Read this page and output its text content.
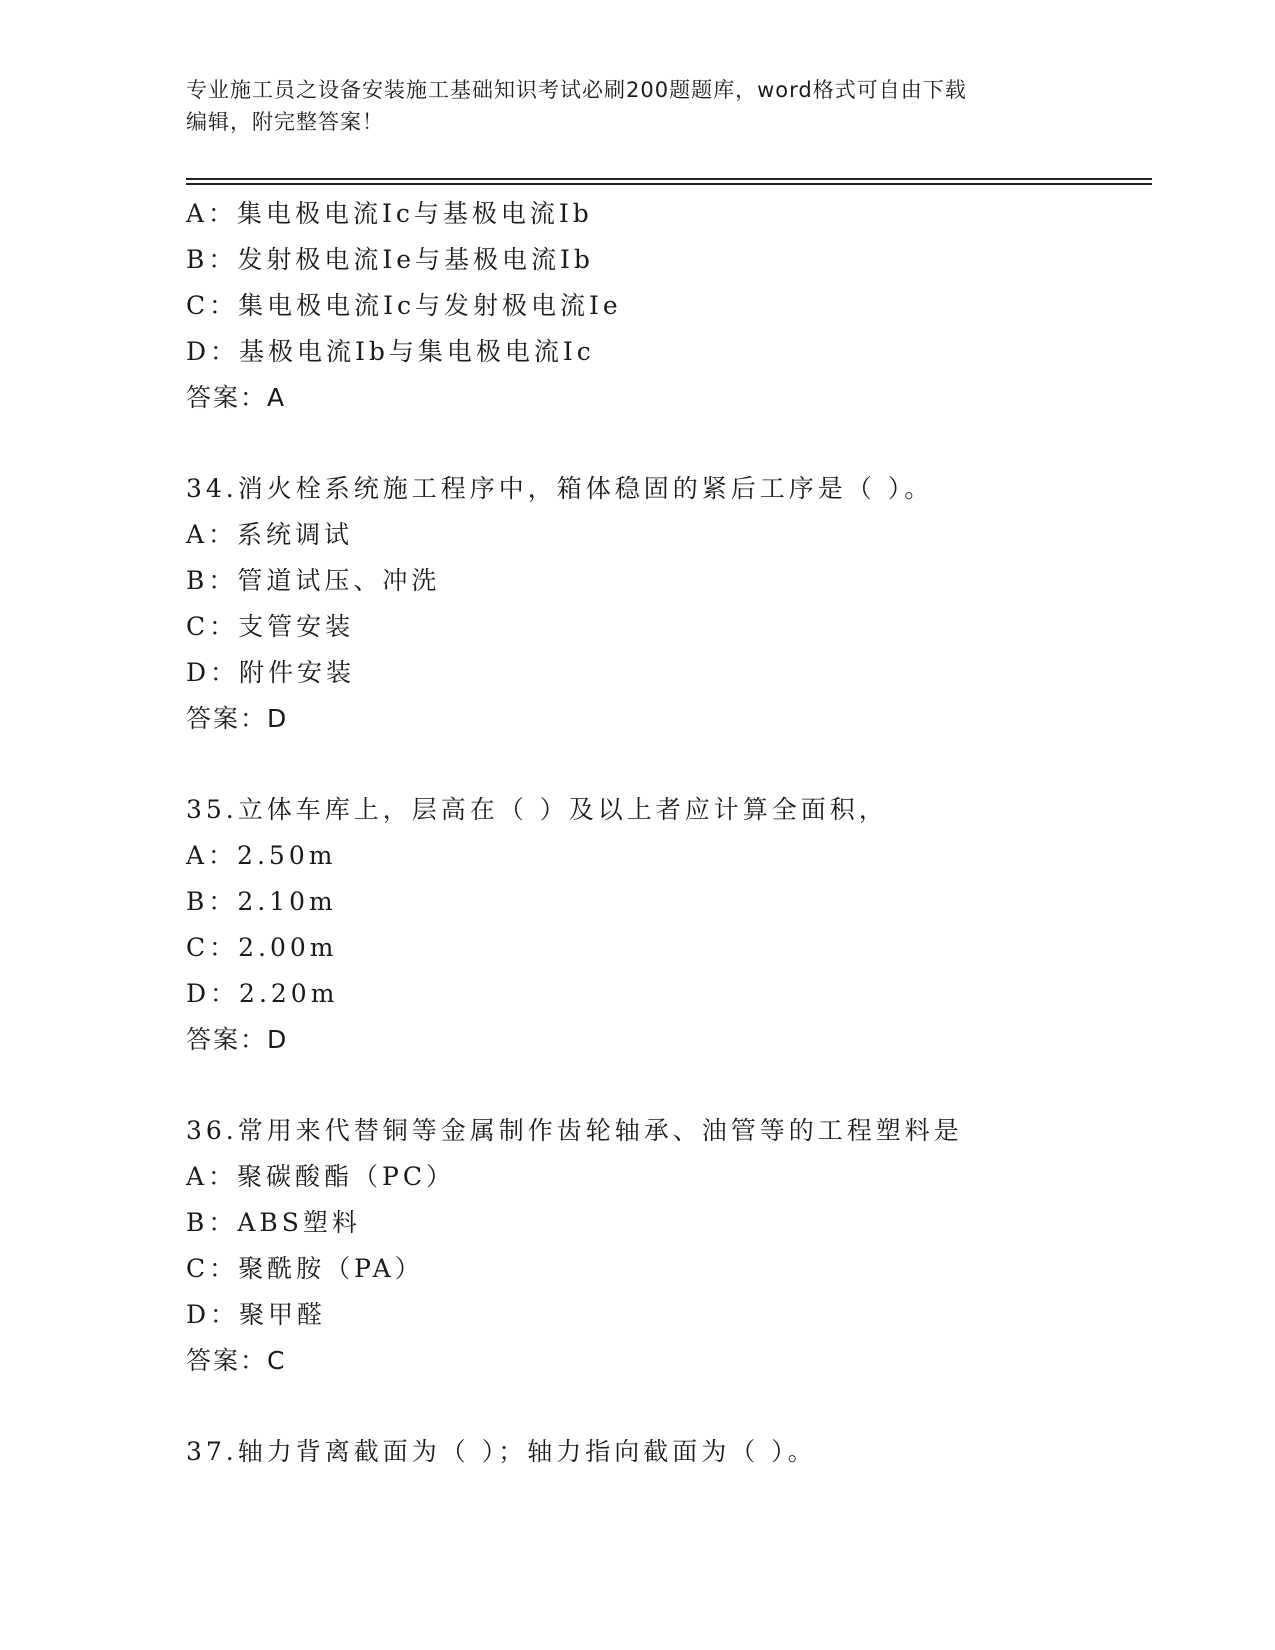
专业施工员之设备安装施工基础知识考试必刷200题题库，word格式可自由下载
编辑，附完整答案！
A：集电极电流Ic与基极电流Ib
B：发射极电流Ie与基极电流Ib
C：集电极电流Ic与发射极电流Ie
D：基极电流Ib与集电极电流Ic
答案：A
34.消火栓系统施工程序中，箱体稳固的紧后工序是（ ）。
A：系统调试
B：管道试压、冲洗
C：支管安装
D：附件安装
答案：D
35.立体车库上，层高在（ ）及以上者应计算全面积，
A：2.50m
B：2.10m
C：2.00m
D：2.20m
答案：D
36.常用来代替铜等金属制作齿轮轴承、油管等的工程塑料是
A：聚碳酸酯（PC）
B：ABS塑料
C：聚酰胺（PA）
D：聚甲醛
答案：C
37.轴力背离截面为（ ）；轴力指向截面为（ ）。
